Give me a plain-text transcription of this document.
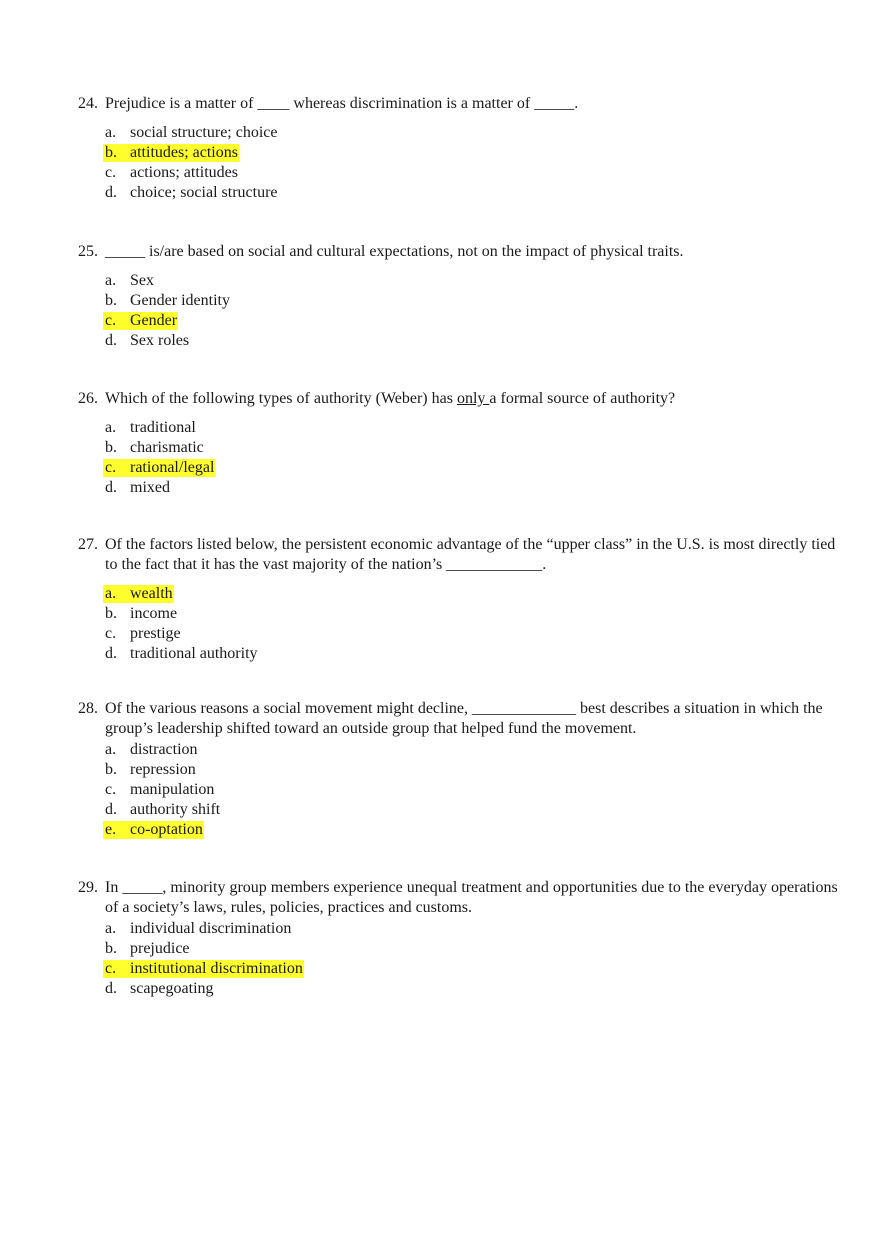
24. Prejudice is a matter of ____ whereas discrimination is a matter of _____.

a. social structure; choice
b. attitudes; actions
c. actions; attitudes
d. choice; social structure

25. _____ is/are based on social and cultural expectations, not on the impact of physical traits.

a. Sex
b. Gender identity
c. Gender
d. Sex roles

26. Which of the following types of authority (Weber) has only a formal source of authority?

a. traditional
b. charismatic
c. rational/legal
d. mixed

27. Of the factors listed below, the persistent economic advantage of the “upper class” in the U.S. is most directly tied to the fact that it has the vast majority of the nation’s ____________.

a. wealth
b. income
c. prestige
d. traditional authority

28. Of the various reasons a social movement might decline, _____________ best describes a situation in which the group’s leadership shifted toward an outside group that helped fund the movement.

a. distraction
b. repression
c. manipulation
d. authority shift
e. co-optation

29. In _____, minority group members experience unequal treatment and opportunities due to the everyday operations of a society’s laws, rules, policies, practices and customs.

a. individual discrimination
b. prejudice
c. institutional discrimination
d. scapegoating
